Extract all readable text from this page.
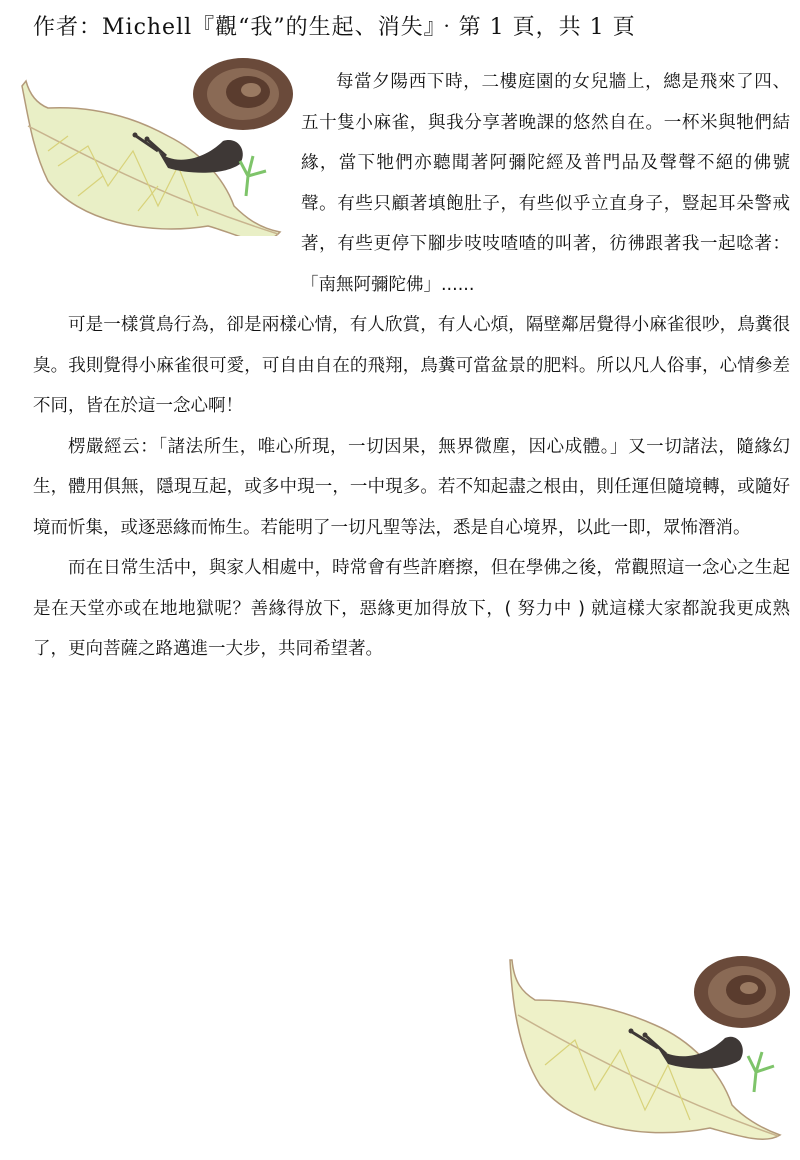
作者：Michell『觀“我”的生起、消失』‧第 1 頁，共 1 頁

每當夕陽西下時，二樓庭園的女兒牆上，總是飛來了四、五十隻小麻雀，與我分享著晚課的悠然自在。一杯米與牠們結緣，當下牠們亦聽聞著阿彌陀經及普門品及聲聲不絕的佛號聲。有些只顧著填飽肚子，有些似乎立直身子，豎起耳朵警戒著，有些更停下腳步吱吱喳喳的叫著，彷彿跟著我一起唸著：「南無阿彌陀佛」......

可是一樣賞鳥行為，卻是兩樣心情，有人欣賞，有人心煩，隔壁鄰居覺得小麻雀很吵，鳥糞很臭。我則覺得小麻雀很可愛，可自由自在的飛翔，鳥糞可當盆景的肥料。所以凡人俗事，心情參差不同，皆在於這一念心啊！

楞嚴經云：「諸法所生，唯心所現，一切因果，無界微塵，因心成體。」又一切諸法，隨緣幻生，體用俱無，隱現互起，或多中現一，一中現多。若不知起盡之根由，則任運但隨境轉，或隨好境而忻集，或逐惡緣而怖生。若能明了一切凡聖等法，悉是自心境界，以此一即，眾怖潛消。

而在日常生活中，與家人相處中，時常會有些許磨擦，但在學佛之後，常觀照這一念心之生起是在天堂亦或在地地獄呢？善緣得放下，惡緣更加得放下，( 努力中 ) 就這樣大家都說我更成熟了，更向菩薩之路邁進一大步，共同希望著。
